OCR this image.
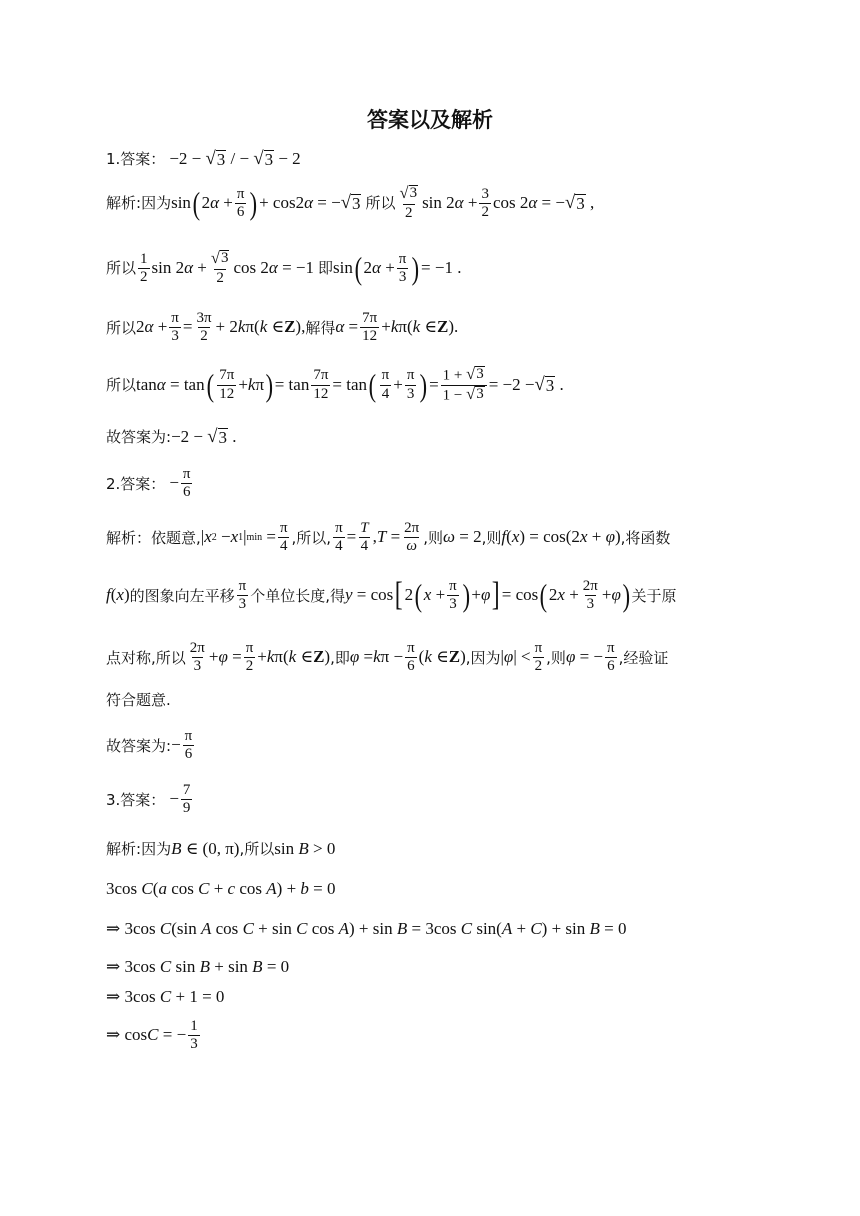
答案以及解析
1.答案： −2 − √ 3 / − √ 3 − 2
解析: 因为 sin ( 2 $\alpha + \frac{\pi}{6}$ ) + cos2 α = − √ 3 所以 $\frac{√ 3}{2}$ sin 2 $\alpha + \frac{3}{2}$ cos 2 α = − √ 3 ,
所以 $\frac{1}{2}$ sin 2 $\alpha + \frac{√ 3}{2}$ cos 2 α = −1 即 sin ( 2 $\alpha + \frac{\pi}{3}$ ) = −1 .
所以 2 $\alpha + \frac{\pi}{3} = \frac{3\pi}{2} + 2$ k π( k ∈ Z ), 解得 $\alpha = \frac{7\pi}{12} + k$ π( k ∈ Z ).
所以 tan α = tan ( $\frac{7\pi}{12} + k$ π ) = $\tan \frac{7\pi}{12} = \tan$ ( $\frac{\pi}{4} + \frac{\pi}{3}$ ) = $\frac{1 + √ 3}{1 - √ 3} = -2$ − √ 3 .
故答案为: −2 − √ 3 .
2.答案： − $\frac{\pi}{6}$
解析： 依题意, | x 2 − x 1 | $\min = \frac{\pi}{4}$ ,所以, $\frac{\pi}{4} = \frac{T}{4}$ , $T = \frac{2\pi}{\omega}$ ,则 ω = 2 ,则 f(x) = cos(2x + φ) ,将函数
f(x) 的图象向左平移 $\frac{\pi}{3}$ 个单位长度,得 y = cos [ 2 ( $x + \frac{\pi}{3}$ ) + φ ] = cos ( 2 $x + \frac{2\pi}{3} + \varphi$ ) 关于原
点对称,所以 $\frac{2\pi}{3} + \varphi = \frac{\pi}{2} + k$ π( k ∈ Z ) ,即 φ = k $\pi - \frac{\pi}{6}$ ( k ∈ Z ) ,因为 | φ | < $\frac{\pi}{2}$ ,则 φ = − $\frac{\pi}{6}$ ,经验证
符合题意.
故答案为: − $\frac{\pi}{6}$
3.答案： − $\frac{7}{9}$
解析: 因为 B ∈ (0, π) ,所以 sin B > 0
3cos C(a cos C + c cos A) + b = 0
⇒ 3cos C(sin A cos C + sin C cos A) + sin B = 3cos C sin(A + C) + sin B = 0
⇒ 3cos C sin B + sin B = 0
⇒ 3cos C + 1 = 0
⇒ cos C = − $\frac{1}{3}$
